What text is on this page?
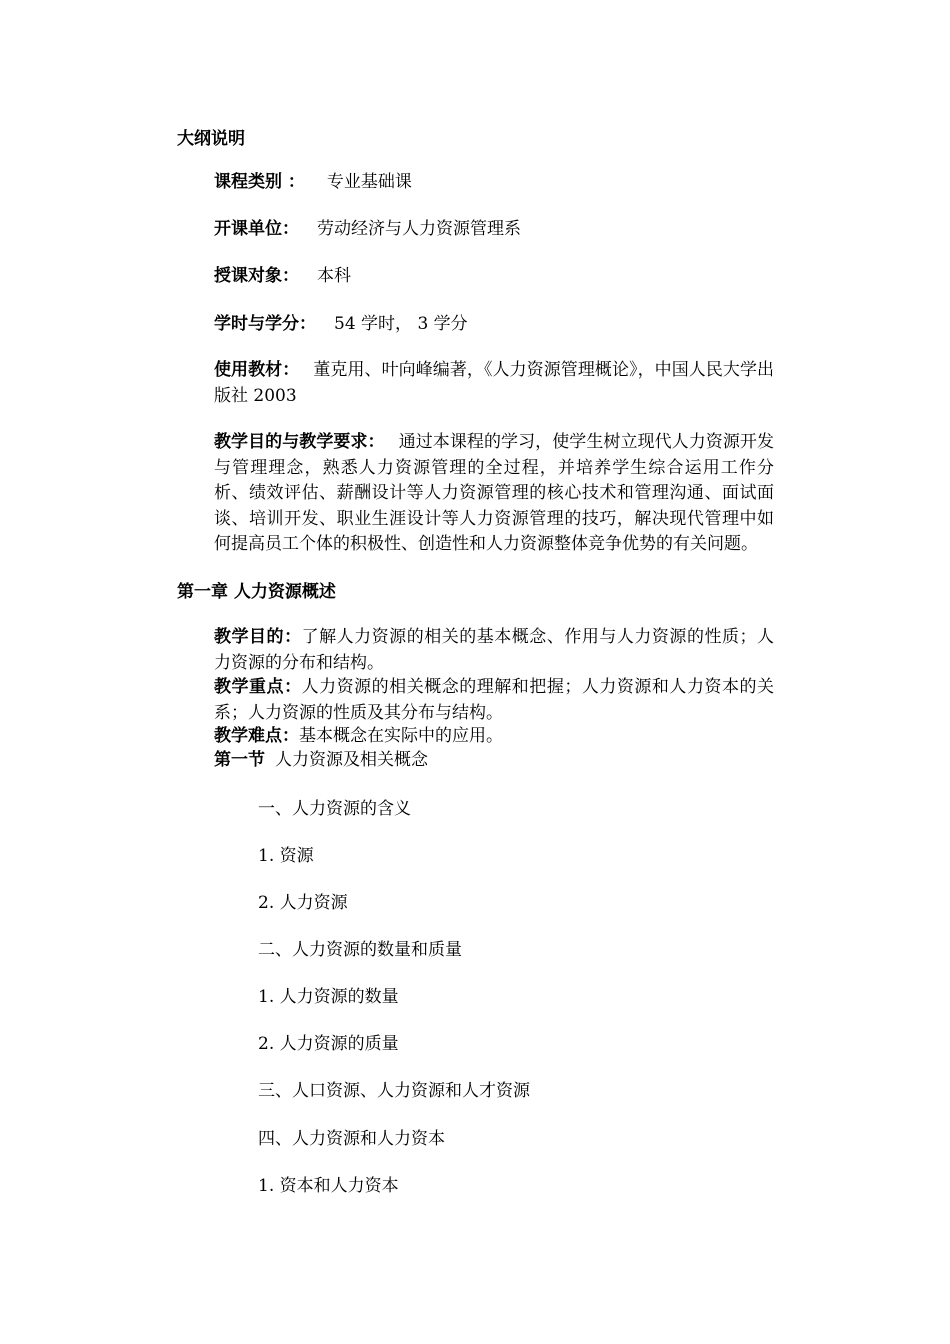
大纲说明
课程类别 ： 专业基础课
开课单位： 劳动经济与人力资源管理系
授课对象： 本科
学时与学分： 54 学时， 3 学分
使用教材： 董克用、叶向峰编著，《人力资源管理概论》，中国人民大学出版社 2003
教学目的与教学要求： 通过本课程的学习，使学生树立现代人力资源开发与管理理念，熟悉人力资源管理的全过程，并培养学生综合运用工作分析、绩效评估、薪酬设计等人力资源管理的核心技术和管理沟通、面试面谈、培训开发、职业生涯设计等人力资源管理的技巧，解决现代管理中如何提高员工个体的积极性、创造性和人力资源整体竞争优势的有关问题。
第一章 人力资源概述
教学目的：了解人力资源的相关的基本概念、作用与人力资源的性质；人力资源的分布和结构。
教学重点：人力资源的相关概念的理解和把握；人力资源和人力资本的关系；人力资源的性质及其分布与结构。
教学难点：基本概念在实际中的应用。
第一节 人力资源及相关概念
一、人力资源的含义
1. 资源
2. 人力资源
二、人力资源的数量和质量
1. 人力资源的数量
2. 人力资源的质量
三、人口资源、人力资源和人才资源
四、人力资源和人力资本
1. 资本和人力资本
